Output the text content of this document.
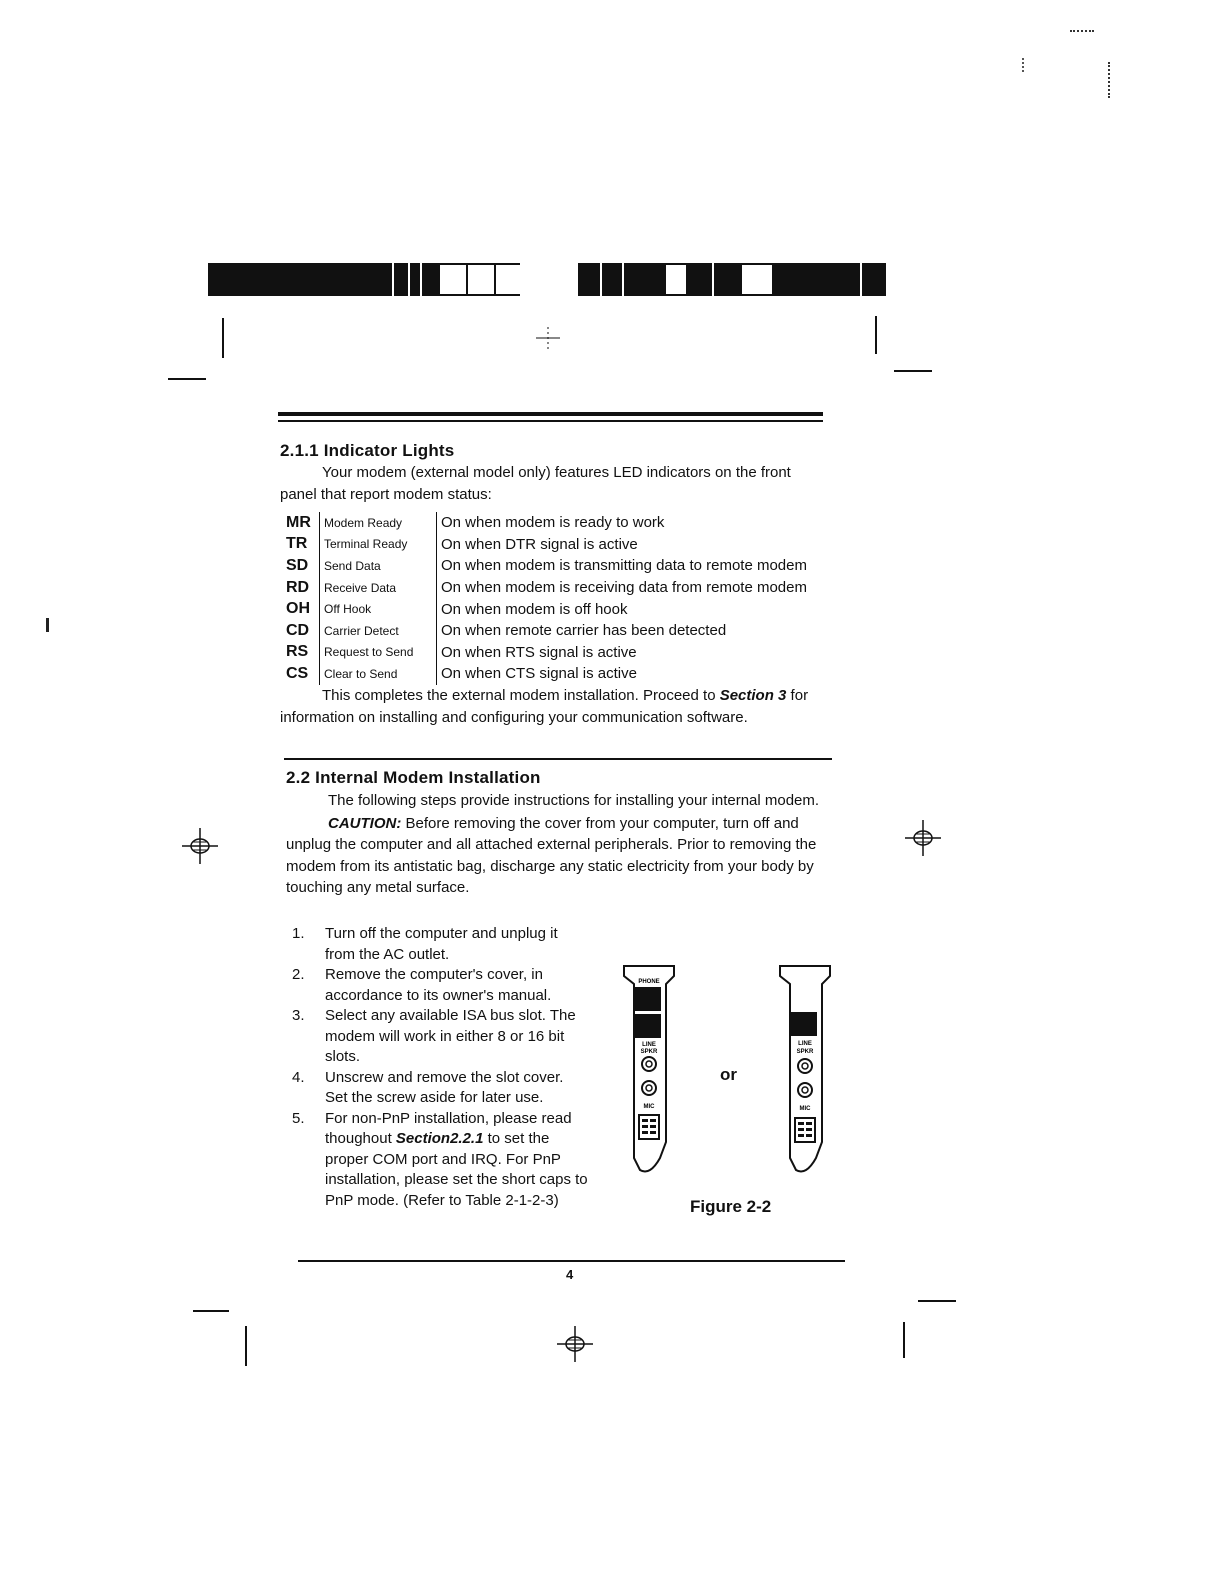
2.1.1 Indicator Lights

Your modem (external model only) features LED indicators on the front panel that report modem status:

MR	Modem Ready	On when modem is ready to work
TR	Terminal Ready	On when DTR signal is active
SD	Send Data	On when modem is transmitting data to remote modem
RD	Receive Data	On when modem is receiving data from remote modem
OH	Off Hook	On when modem is off hook
CD	Carrier Detect	On when remote carrier has been detected
RS	Request to Send	On when RTS signal is active
CS	Clear to Send	On when CTS signal is active

This completes the external modem installation. Proceed to Section 3 for information on installing and configuring your communication software.

2.2 Internal Modem Installation

The following steps provide instructions for installing your internal modem.

CAUTION: Before removing the cover from your computer, turn off and unplug the computer and all attached external peripherals. Prior to removing the modem from its antistatic bag, discharge any static electricity from your body by touching any metal surface.

1. Turn off the computer and unplug it from the AC outlet.
2. Remove the computer's cover, in accordance to its owner's manual.
3. Select any available ISA bus slot. The modem will work in either 8 or 16 bit slots.
4. Unscrew and remove the slot cover. Set the screw aside for later use.
5. For non-PnP installation, please read thoughout Section2.2.1 to set the proper COM port and IRQ. For PnP installation, please set the short caps to PnP mode. (Refer to Table 2-1-2-3)
PHONE
LINE
SPKR
MIC
or
LINE
SPKR
MIC
Figure 2-2
4
